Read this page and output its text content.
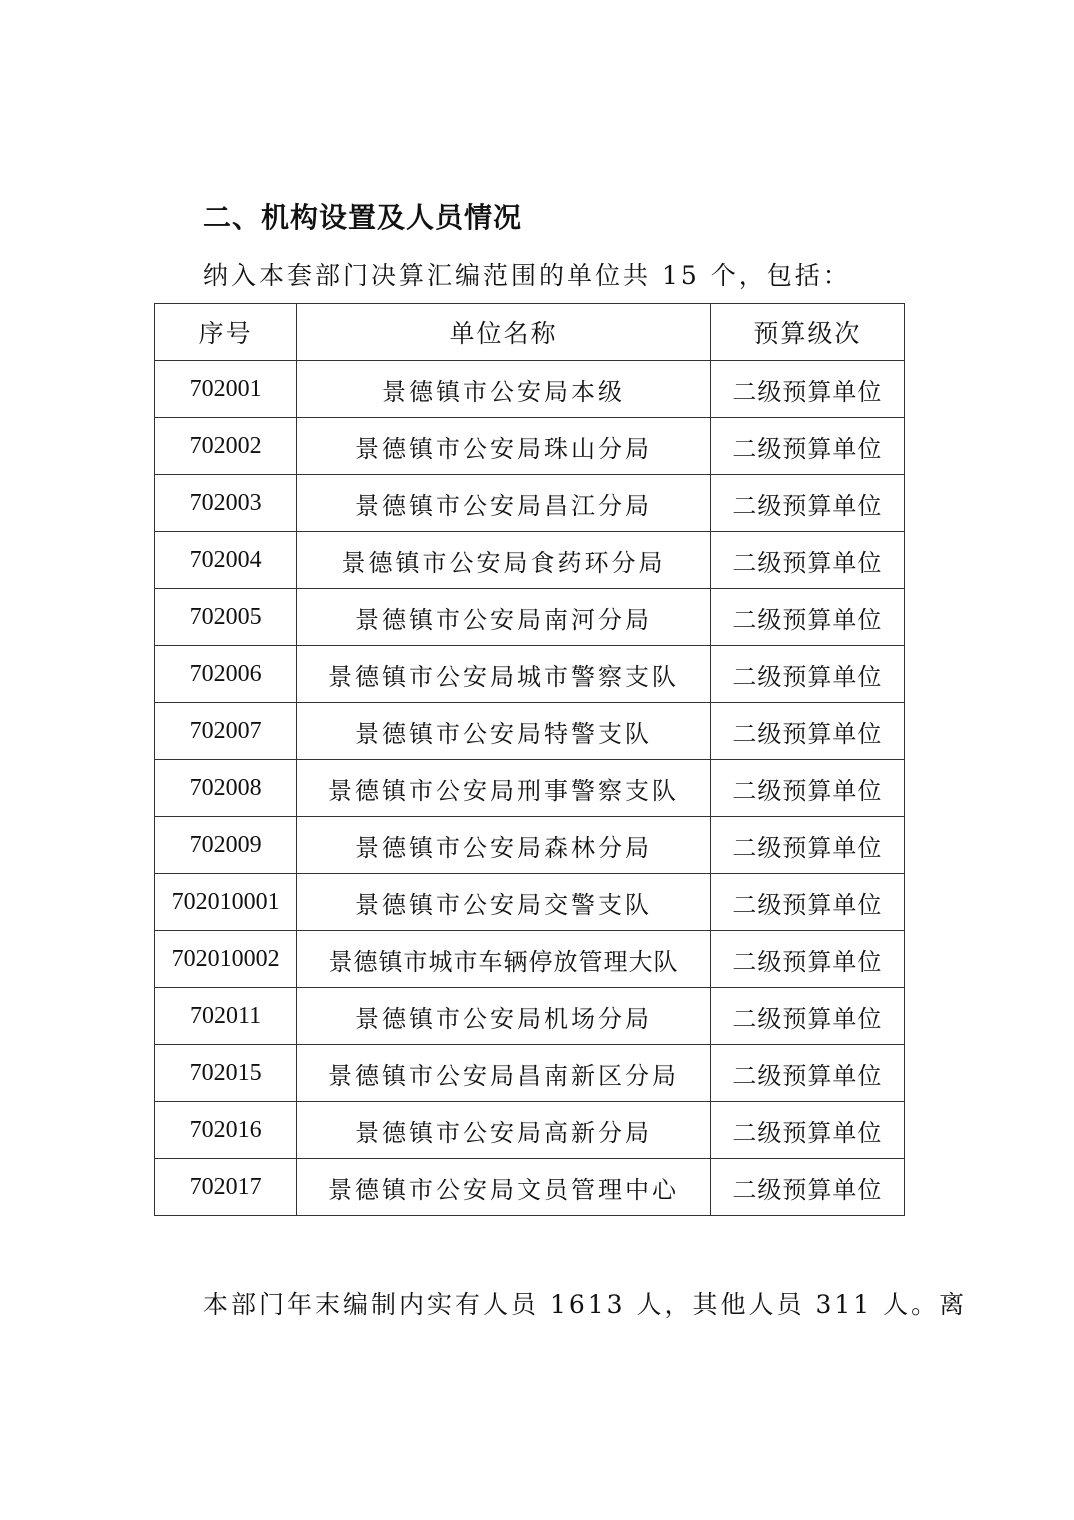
二、机构设置及人员情况
纳入本套部门决算汇编范围的单位共 15 个，包括：
序号	单位名称	预算级次
702001	景德镇市公安局本级	二级预算单位
702002	景德镇市公安局珠山分局	二级预算单位
702003	景德镇市公安局昌江分局	二级预算单位
702004	景德镇市公安局食药环分局	二级预算单位
702005	景德镇市公安局南河分局	二级预算单位
702006	景德镇市公安局城市警察支队	二级预算单位
702007	景德镇市公安局特警支队	二级预算单位
702008	景德镇市公安局刑事警察支队	二级预算单位
702009	景德镇市公安局森林分局	二级预算单位
702010001	景德镇市公安局交警支队	二级预算单位
702010002	景德镇市城市车辆停放管理大队	二级预算单位
702011	景德镇市公安局机场分局	二级预算单位
702015	景德镇市公安局昌南新区分局	二级预算单位
702016	景德镇市公安局高新分局	二级预算单位
702017	景德镇市公安局文员管理中心	二级预算单位
本部门年末编制内实有人员 1613 人，其他人员 311 人。离
